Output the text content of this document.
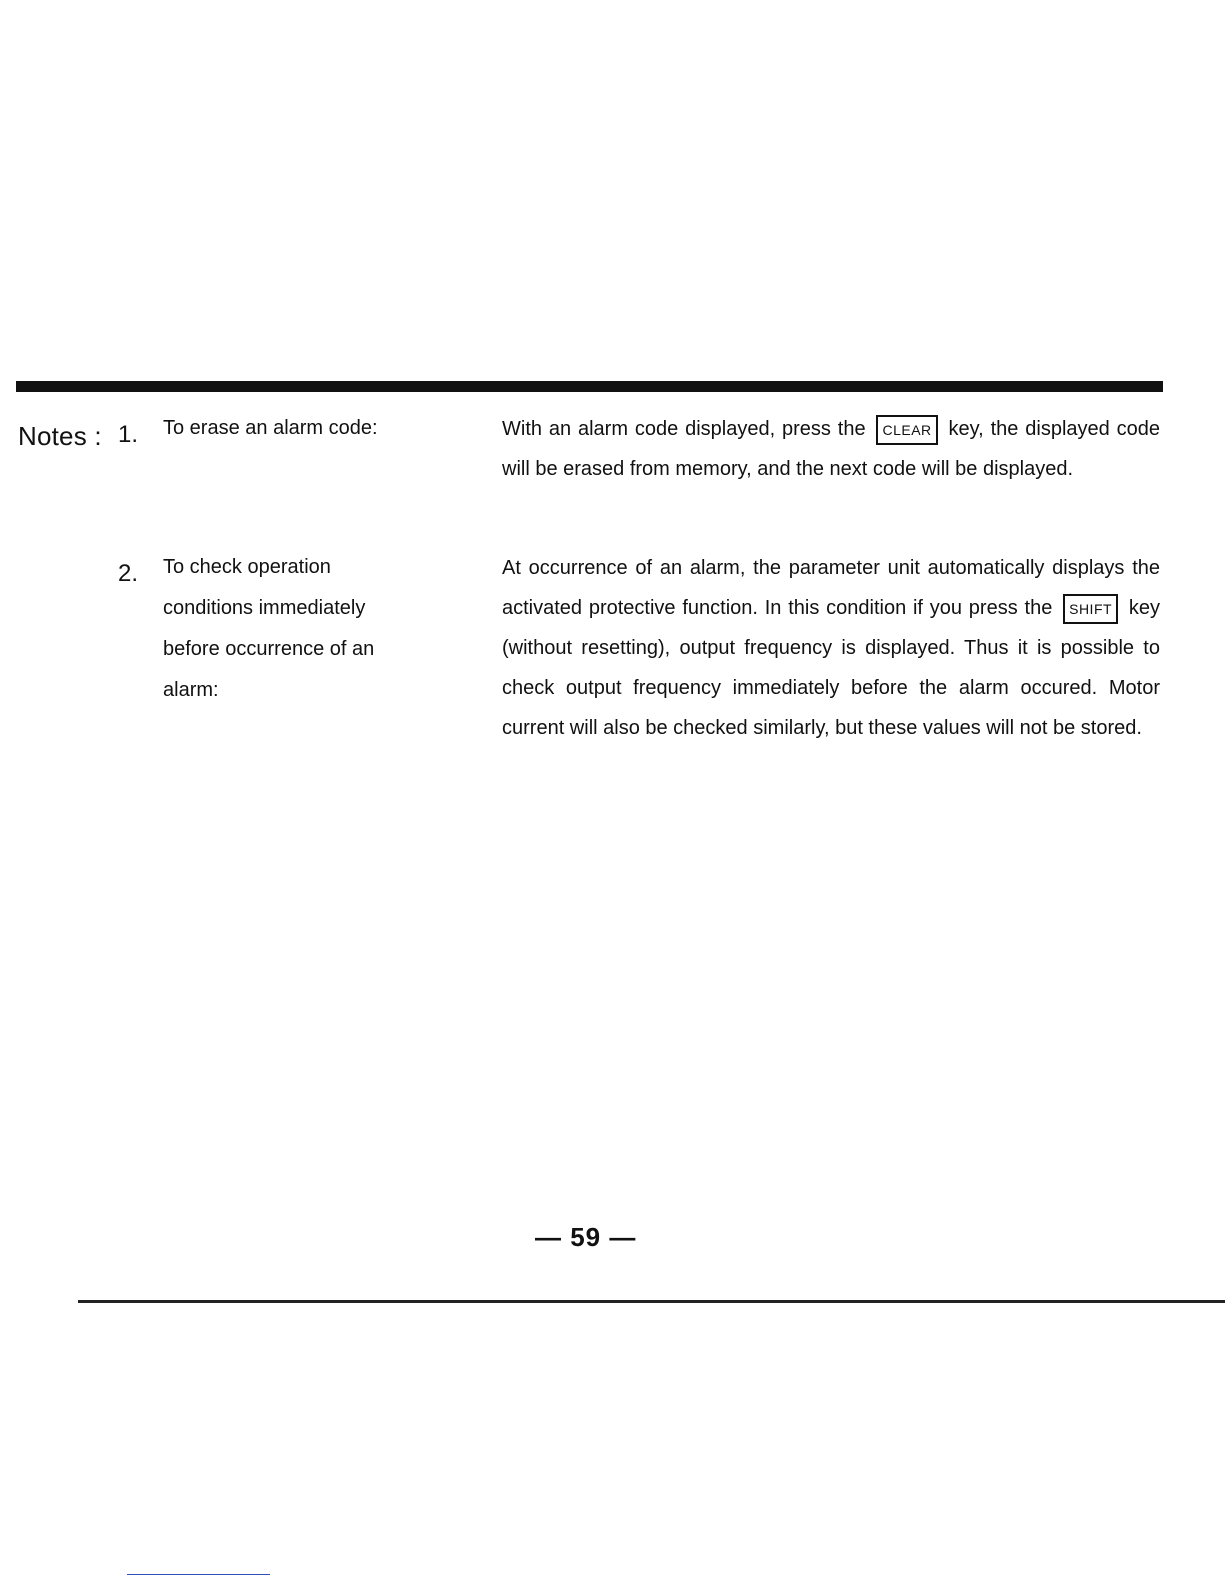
Notes : 1. To erase an alarm code:	With an alarm code displayed, press the CLEAR key, the displayed code will be erased from memory, and the next code will be displayed.
2. To check operation
conditions immediately
before occurrence of an
alarm:
At occurrence of an alarm, the parameter unit automatically displays the activated protective function. In this condition if you press the SHIFT key (without resetting), output frequency is displayed. Thus it is possible to check output frequency immediately before the alarm occured. Motor current will also be checked similarly, but these values will not be stored.
— 59 —
